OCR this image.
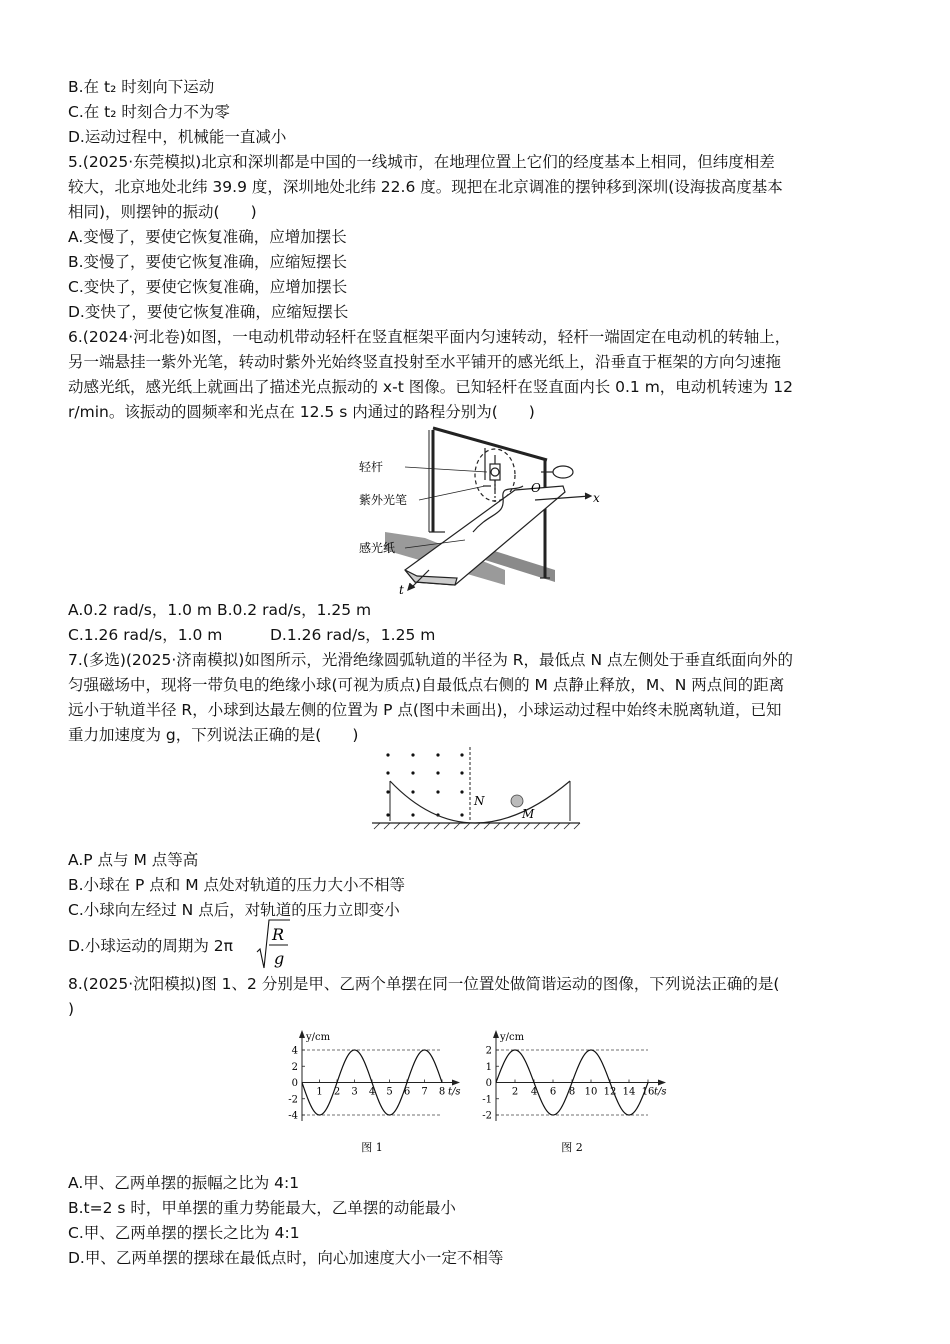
B.在 t₂ 时刻向下运动
C.在 t₂ 时刻合力不为零
D.运动过程中，机械能一直减小
5.(2025·东莞模拟)北京和深圳都是中国的一线城市，在地理位置上它们的经度基本上相同，但纬度相差
较大，北京地处北纬 39.9 度，深圳地处北纬 22.6 度。现把在北京调准的摆钟移到深圳(设海拔高度基本
相同)，则摆钟的振动(　　)
A.变慢了，要使它恢复准确，应增加摆长
B.变慢了，要使它恢复准确，应缩短摆长
C.变快了，要使它恢复准确，应增加摆长
D.变快了，要使它恢复准确，应缩短摆长
6.(2024·河北卷)如图，一电动机带动轻杆在竖直框架平面内匀速转动，轻杆一端固定在电动机的转轴上，
另一端悬挂一紫外光笔，转动时紫外光始终竖直投射至水平铺开的感光纸上，沿垂直于框架的方向匀速拖
动感光纸，感光纸上就画出了描述光点振动的 x-t 图像。已知轻杆在竖直面内长 0.1 m，电动机转速为 12
r/min。该振动的圆频率和光点在 12.5 s 内通过的路程分别为(　　)
轻杆
紫外光笔
感光纸
O
x
t
A.0.2 rad/s，1.0 m B.0.2 rad/s，1.25 m
C.1.26 rad/s，1.0 m	D.1.26 rad/s，1.25 m
7.(多选)(2025·济南模拟)如图所示，光滑绝缘圆弧轨道的半径为 R，最低点 N 点左侧处于垂直纸面向外的
匀强磁场中，现将一带负电的绝缘小球(可视为质点)自最低点右侧的 M 点静止释放，M、N 两点间的距离
远小于轨道半径 R，小球到达最左侧的位置为 P 点(图中未画出)，小球运动过程中始终未脱离轨道，已知
重力加速度为 g，下列说法正确的是(　　)
N
M
A.P 点与 M 点等高
B.小球在 P 点和 M 点处对轨道的压力大小不相等
C.小球向左经过 N 点后，对轨道的压力立即变小
D.小球运动的周期为 2π
R
g
8.(2025·沈阳模拟)图 1、2 分别是甲、乙两个单摆在同一位置处做简谐运动的图像，下列说法正确的是(
)
y/cm
t/s
4
2
0
-2
-4
1 2 3 4 5 6 7 8
图 1
y/cm
t/s
2
1
0
-1
-2
2 4 6 8 10 12 14 16
图 2
A.甲、乙两单摆的振幅之比为 4:1
B.t=2 s 时，甲单摆的重力势能最大，乙单摆的动能最小
C.甲、乙两单摆的摆长之比为 4:1
D.甲、乙两单摆的摆球在最低点时，向心加速度大小一定不相等
